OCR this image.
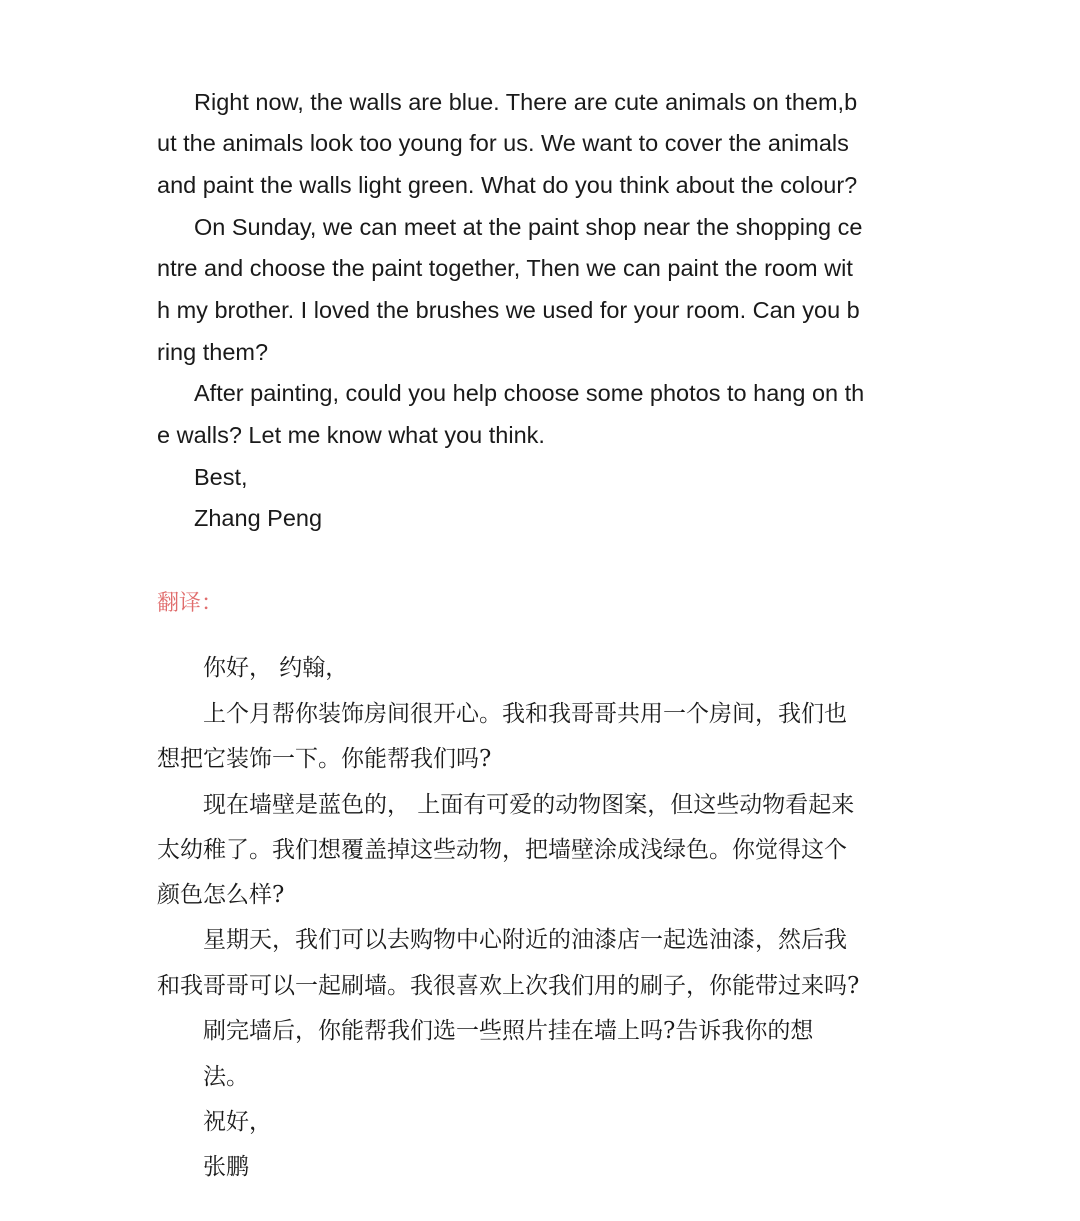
Right now, the walls are blue. There are cute animals on them,b
ut the animals look too young for us. We want to cover the animals
and paint the walls light green. What do you think about the colour?
On Sunday, we can meet at the paint shop near the shopping ce
ntre and choose the paint together, Then we can paint the room wit
h my brother. I loved the brushes we used for your room. Can you b
ring them?
After painting, could you help choose some photos to hang on th
e walls? Let me know what you think.
Best,
Zhang Peng
翻译：
你好， 约翰，
上个月帮你装饰房间很开心。我和我哥哥共用一个房间，我们也
想把它装饰一下。你能帮我们吗?
现在墙壁是蓝色的， 上面有可爱的动物图案，但这些动物看起来
太幼稚了。我们想覆盖掉这些动物，把墙壁涂成浅绿色。你觉得这个
颜色怎么样?
星期天，我们可以去购物中心附近的油漆店一起选油漆，然后我
和我哥哥可以一起刷墙。我很喜欢上次我们用的刷子，你能带过来吗?
刷完墙后，你能帮我们选一些照片挂在墙上吗?告诉我你的想
法。
祝好，
张鹏
